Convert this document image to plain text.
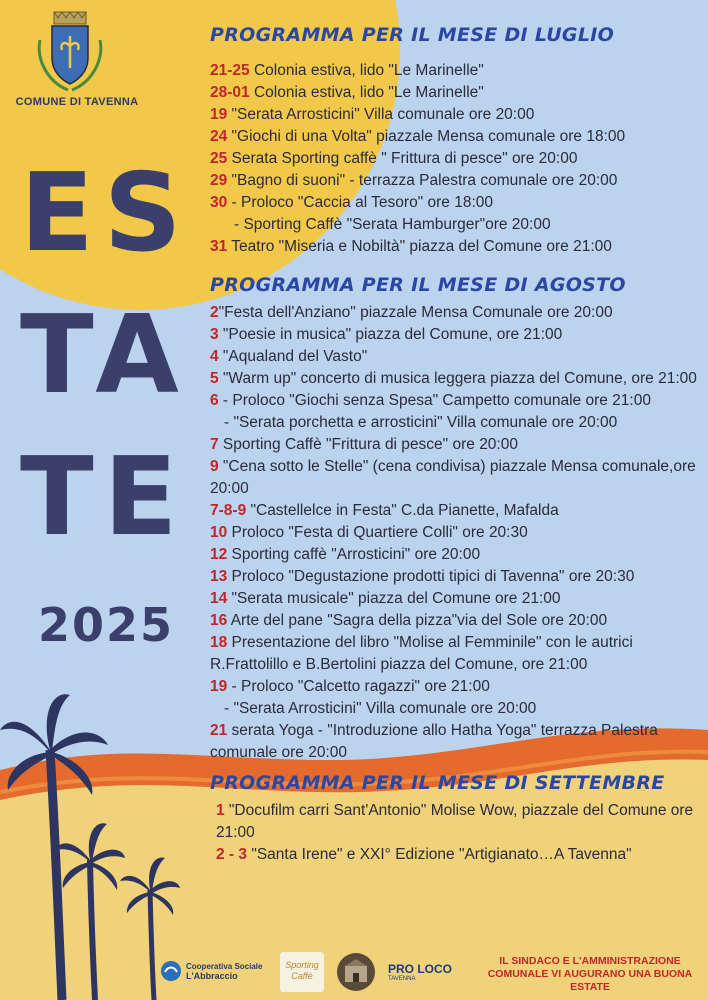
COMUNE DI TAVENNA
ES
TA
TE
2025
PROGRAMMA PER IL MESE DI LUGLIO
21-25 Colonia estiva, lido "Le Marinelle"
28-01 Colonia estiva, lido "Le Marinelle"
19 "Serata Arrosticini" Villa comunale ore 20:00
24 "Giochi di una Volta" piazzale Mensa comunale ore 18:00
25 Serata Sporting caffè " Frittura di pesce" ore 20:00
29 "Bagno di suoni" - terrazza Palestra comunale ore 20:00
30 - Proloco "Caccia al Tesoro" ore 18:00
- Sporting Caffè "Serata Hamburger"ore 20:00
31 Teatro "Miseria e Nobiltà" piazza del Comune ore 21:00
PROGRAMMA PER IL MESE DI AGOSTO
2"Festa dell'Anziano" piazzale Mensa Comunale ore 20:00
3 "Poesie in musica" piazza del Comune, ore 21:00
4 "Aqualand del Vasto"
5 "Warm up" concerto di musica leggera piazza del Comune, ore 21:00
6 - Proloco "Giochi senza Spesa" Campetto comunale ore 21:00
- "Serata porchetta e arrosticini" Villa comunale ore 20:00
7 Sporting Caffè "Frittura di pesce" ore 20:00
9 "Cena sotto le Stelle" (cena condivisa) piazzale Mensa comunale,ore 20:00
7-8-9 "Castellelce in Festa" C.da Pianette, Mafalda
10 Proloco "Festa di Quartiere Colli" ore 20:30
12 Sporting caffè "Arrosticini" ore 20:00
13 Proloco "Degustazione prodotti tipici di Tavenna" ore 20:30
14 "Serata musicale" piazza del Comune ore 21:00
16 Arte del pane "Sagra della pizza"via del Sole ore 20:00
18 Presentazione del libro "Molise al Femminile" con le autrici R.Frattolillo e B.Bertolini piazza del Comune, ore 21:00
19 - Proloco "Calcetto ragazzi" ore 21:00
- "Serata Arrosticini" Villa comunale ore 20:00
21 serata Yoga - "Introduzione allo Hatha Yoga" terrazza Palestra comunale ore 20:00
PROGRAMMA PER IL MESE DI SETTEMBRE
1 "Docufilm carri Sant'Antonio" Molise Wow, piazzale del Comune ore 21:00
2 - 3 "Santa Irene" e XXI° Edizione "Artigianato…A Tavenna"
Cooperativa Sociale
L'Abbraccio
Sporting Caffè	PRO LOCO
TAVENNA
IL SINDACO E L'AMMINISTRAZIONE COMUNALE VI AUGURANO UNA BUONA ESTATE
